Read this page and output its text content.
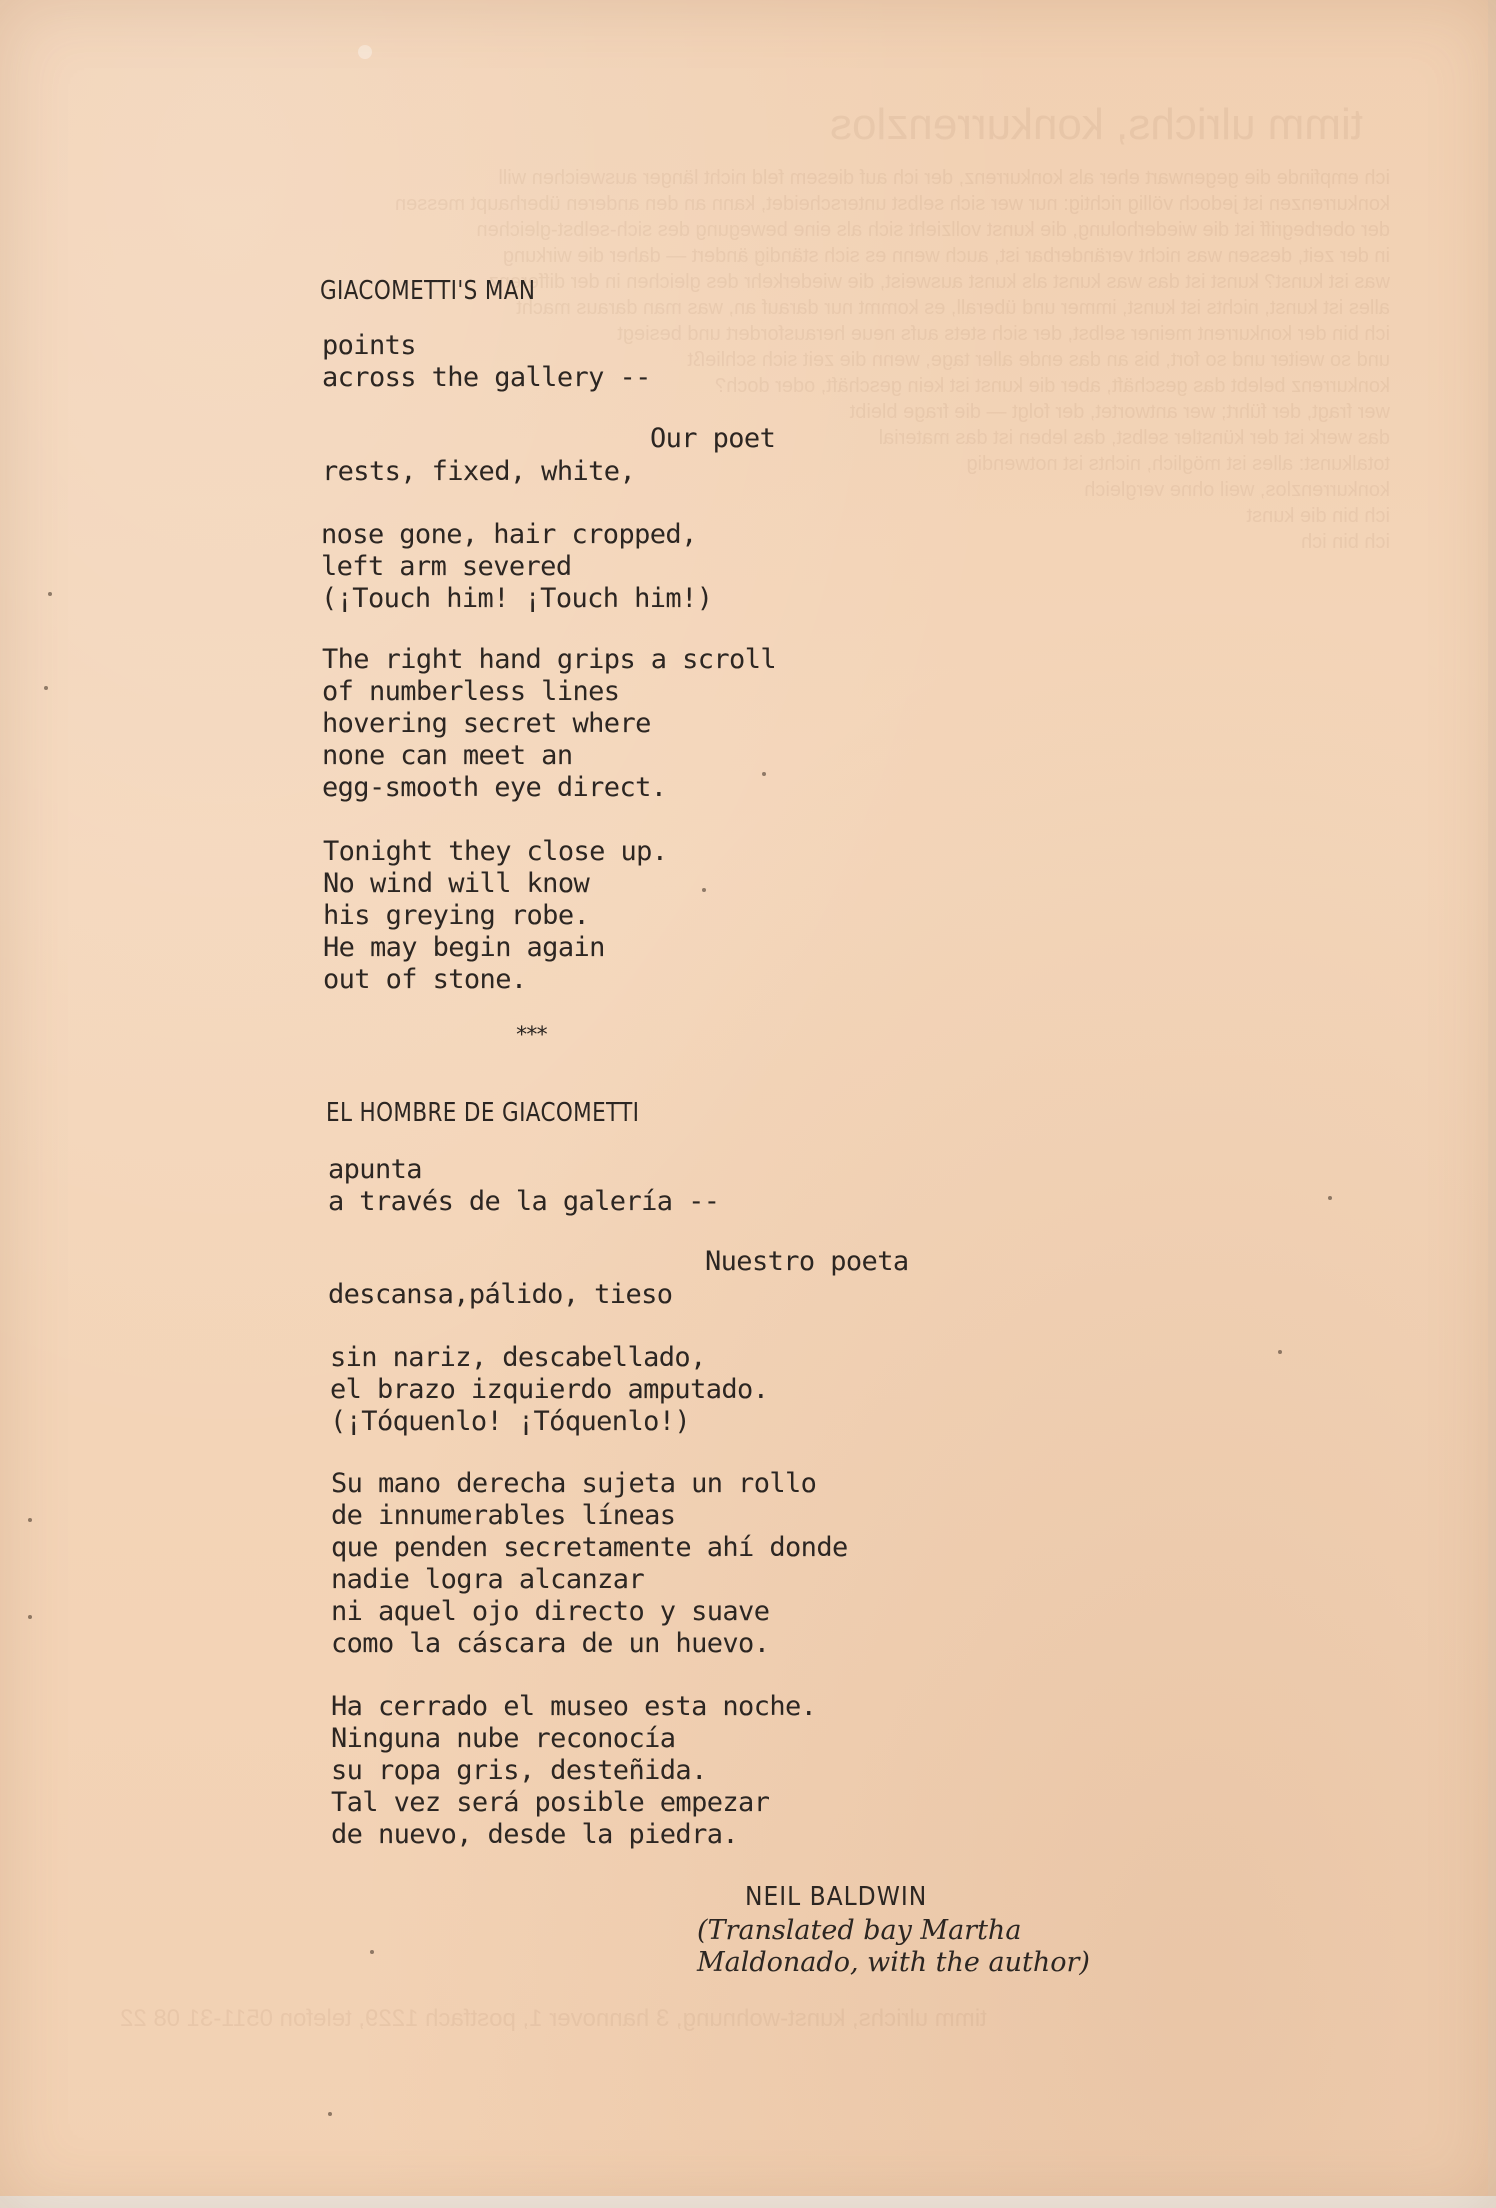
timm ulrichs, konkurrenzlos
ich empfinde die gegenwart eher als konkurrenz, der ich auf diesem feld nicht länger ausweichen will
konkurrenzen ist jedoch völlig richtig: nur wer sich selbst unterscheidet, kann an den anderen überhaupt messen
der oberbegriff ist die wiederholung, die kunst vollzieht sich als eine bewegung des sich-selbst-gleichen
in der zeit, dessen was nicht veränderbar ist, auch wenn es sich ständig ändert — daher die wirkung
was ist kunst? kunst ist das was kunst als kunst ausweist, die wiederkehr des gleichen in der differenz
alles ist kunst, nichts ist kunst, immer und überall, es kommt nur darauf an, was man daraus macht
ich bin der konkurrent meiner selbst, der sich stets aufs neue herausfordert und besiegt
und so weiter und so fort, bis an das ende aller tage, wenn die zeit sich schließt
konkurrenz belebt das geschäft, aber die kunst ist kein geschäft, oder doch?
wer fragt, der führt; wer antwortet, der folgt — die frage bleibt
das werk ist der künstler selbst, das leben ist das material
totalkunst: alles ist möglich, nichts ist notwendig
konkurrenzlos, weil ohne vergleich
ich bin die kunst
ich bin ich
timm ulrichs, kunst-wohnung, 3 hannover 1, postfach 1229, telefon 0511-31 08 22
GIACOMETTI'S MAN
points
across the gallery --
Our poet
rests, fixed, white,
nose gone, hair cropped,
left arm severed
(¡Touch him! ¡Touch him!)
The right hand grips a scroll
of numberless lines
hovering secret where
none can meet an
egg-smooth eye direct.
Tonight they close up.
No wind will know
his greying robe.
He may begin again
out of stone.
***
EL HOMBRE DE GIACOMETTI
apunta
a través de la galería --
Nuestro poeta
descansa,pálido, tieso
sin nariz, descabellado,
el brazo izquierdo amputado.
(¡Tóquenlo! ¡Tóquenlo!)
Su mano derecha sujeta un rollo
de innumerables líneas
que penden secretamente ahí donde
nadie logra alcanzar
ni aquel ojo directo y suave
como la cáscara de un huevo.
Ha cerrado el museo esta noche.
Ninguna nube reconocía
su ropa gris, desteñida.
Tal vez será posible empezar
de nuevo, desde la piedra.
NEIL BALDWIN
(Translated bay Martha
Maldonado, with the author)
